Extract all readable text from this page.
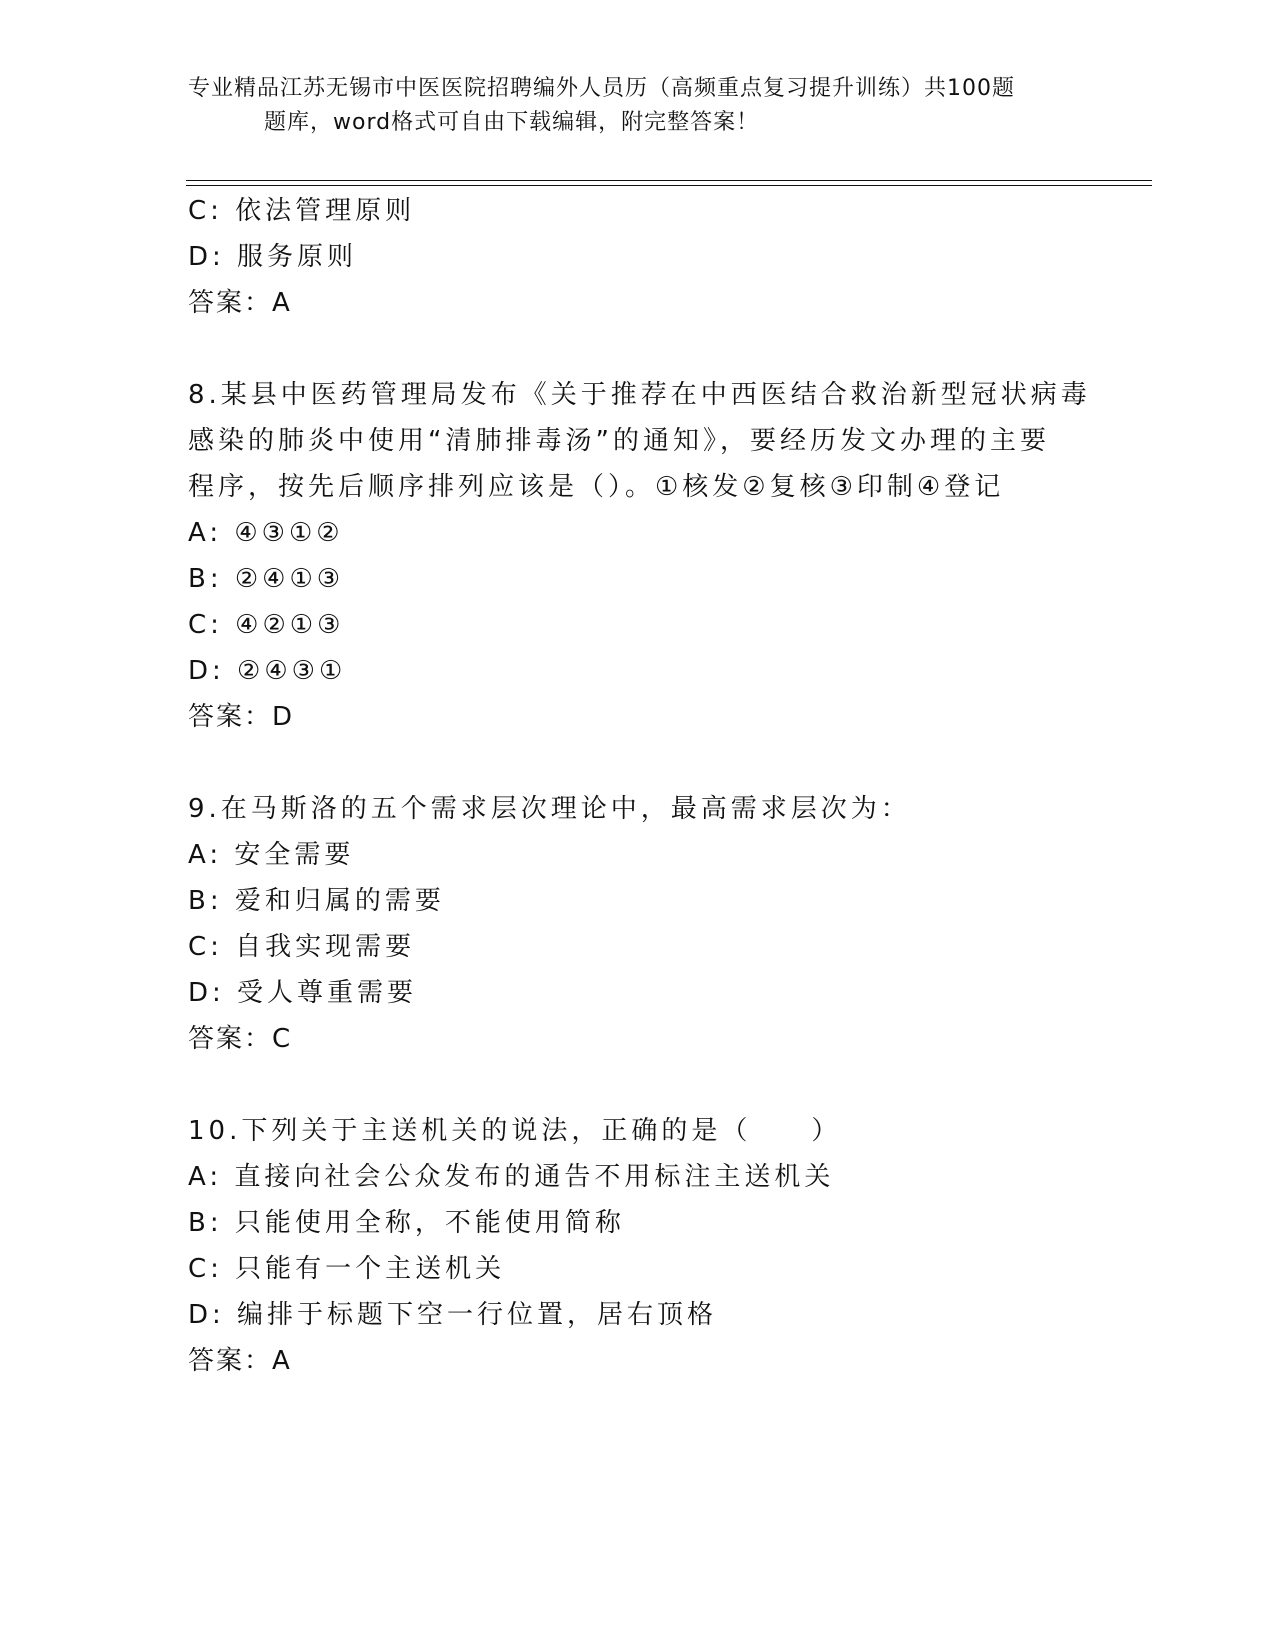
专业精品江苏无锡市中医医院招聘编外人员历（高频重点复习提升训练）共100题
题库，word格式可自由下载编辑，附完整答案！
C: 依法管理原则
D: 服务原则
答案：A
8.某县中医药管理局发布《关于推荐在中西医结合救治新型冠状病毒
感染的肺炎中使用“清肺排毒汤”的通知》，要经历发文办理的主要
程序，按先后顺序排列应该是（）。①核发②复核③印制④登记
A: ④③①②
B: ②④①③
C: ④②①③
D: ②④③①
答案：D
9.在马斯洛的五个需求层次理论中，最高需求层次为：
A: 安全需要
B: 爱和归属的需要
C: 自我实现需要
D: 受人尊重需要
答案：C
10.下列关于主送机关的说法，正确的是（　　）
A: 直接向社会公众发布的通告不用标注主送机关
B: 只能使用全称，不能使用简称
C: 只能有一个主送机关
D: 编排于标题下空一行位置，居右顶格
答案：A
